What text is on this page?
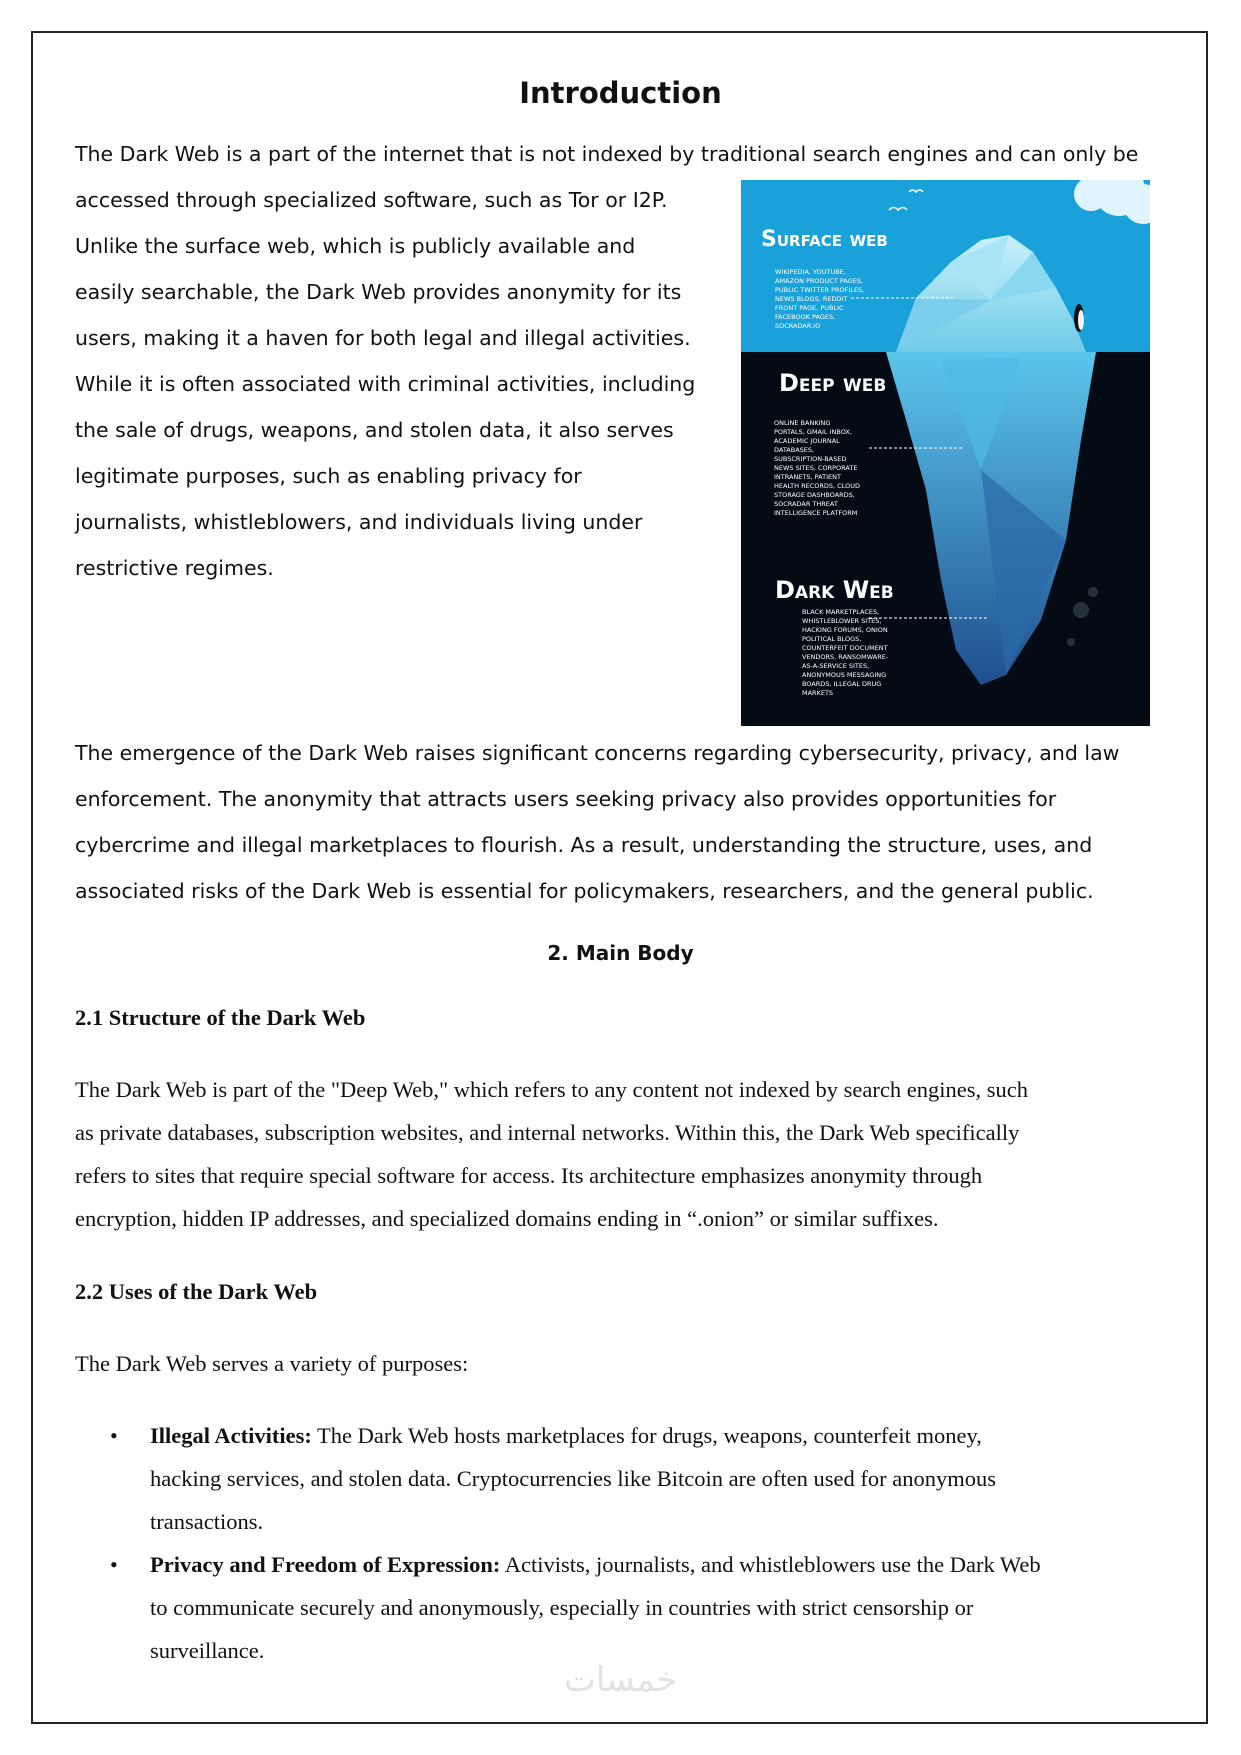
Introduction
The Dark Web is a part of the internet that is not indexed by traditional search engines and can only be
accessed through specialized software, such as Tor or I2P.
Unlike the surface web, which is publicly available and
easily searchable, the Dark Web provides anonymity for its
users, making it a haven for both legal and illegal activities.
While it is often associated with criminal activities, including
the sale of drugs, weapons, and stolen data, it also serves
legitimate purposes, such as enabling privacy for
journalists, whistleblowers, and individuals living under
restrictive regimes.
Surface web
WIKIPEDIA, YOUTUBE, AMAZON PRODUCT PAGES, PUBLIC TWITTER PROFILES, NEWS BLOGS, REDDIT FRONT PAGE, PUBLIC FACEBOOK PAGES, SOCRADAR.IO
Deep web
ONLINE BANKING PORTALS, GMAIL INBOX, ACADEMIC JOURNAL DATABASES, SUBSCRIPTION-BASED NEWS SITES, CORPORATE INTRANETS, PATIENT HEALTH RECORDS, CLOUD STORAGE DASHBOARDS, SOCRADAR THREAT INTELLIGENCE PLATFORM
Dark Web
BLACK MARKETPLACES, WHISTLEBLOWER SITES, HACKING FORUMS, ONION POLITICAL BLOGS, COUNTERFEIT DOCUMENT VENDORS, RANSOMWARE- AS-A-SERVICE SITES, ANONYMOUS MESSAGING BOARDS, ILLEGAL DRUG MARKETS
The emergence of the Dark Web raises significant concerns regarding cybersecurity, privacy, and law
enforcement. The anonymity that attracts users seeking privacy also provides opportunities for
cybercrime and illegal marketplaces to flourish. As a result, understanding the structure, uses, and
associated risks of the Dark Web is essential for policymakers, researchers, and the general public.
2. Main Body
2.1 Structure of the Dark Web
The Dark Web is part of the "Deep Web," which refers to any content not indexed by search engines, such
as private databases, subscription websites, and internal networks. Within this, the Dark Web specifically
refers to sites that require special software for access. Its architecture emphasizes anonymity through
encryption, hidden IP addresses, and specialized domains ending in “.onion” or similar suffixes.
2.2 Uses of the Dark Web
The Dark Web serves a variety of purposes:
• Illegal Activities: The Dark Web hosts marketplaces for drugs, weapons, counterfeit money,
hacking services, and stolen data. Cryptocurrencies like Bitcoin are often used for anonymous
transactions.
• Privacy and Freedom of Expression: Activists, journalists, and whistleblowers use the Dark Web
to communicate securely and anonymously, especially in countries with strict censorship or
surveillance.
خمسات
